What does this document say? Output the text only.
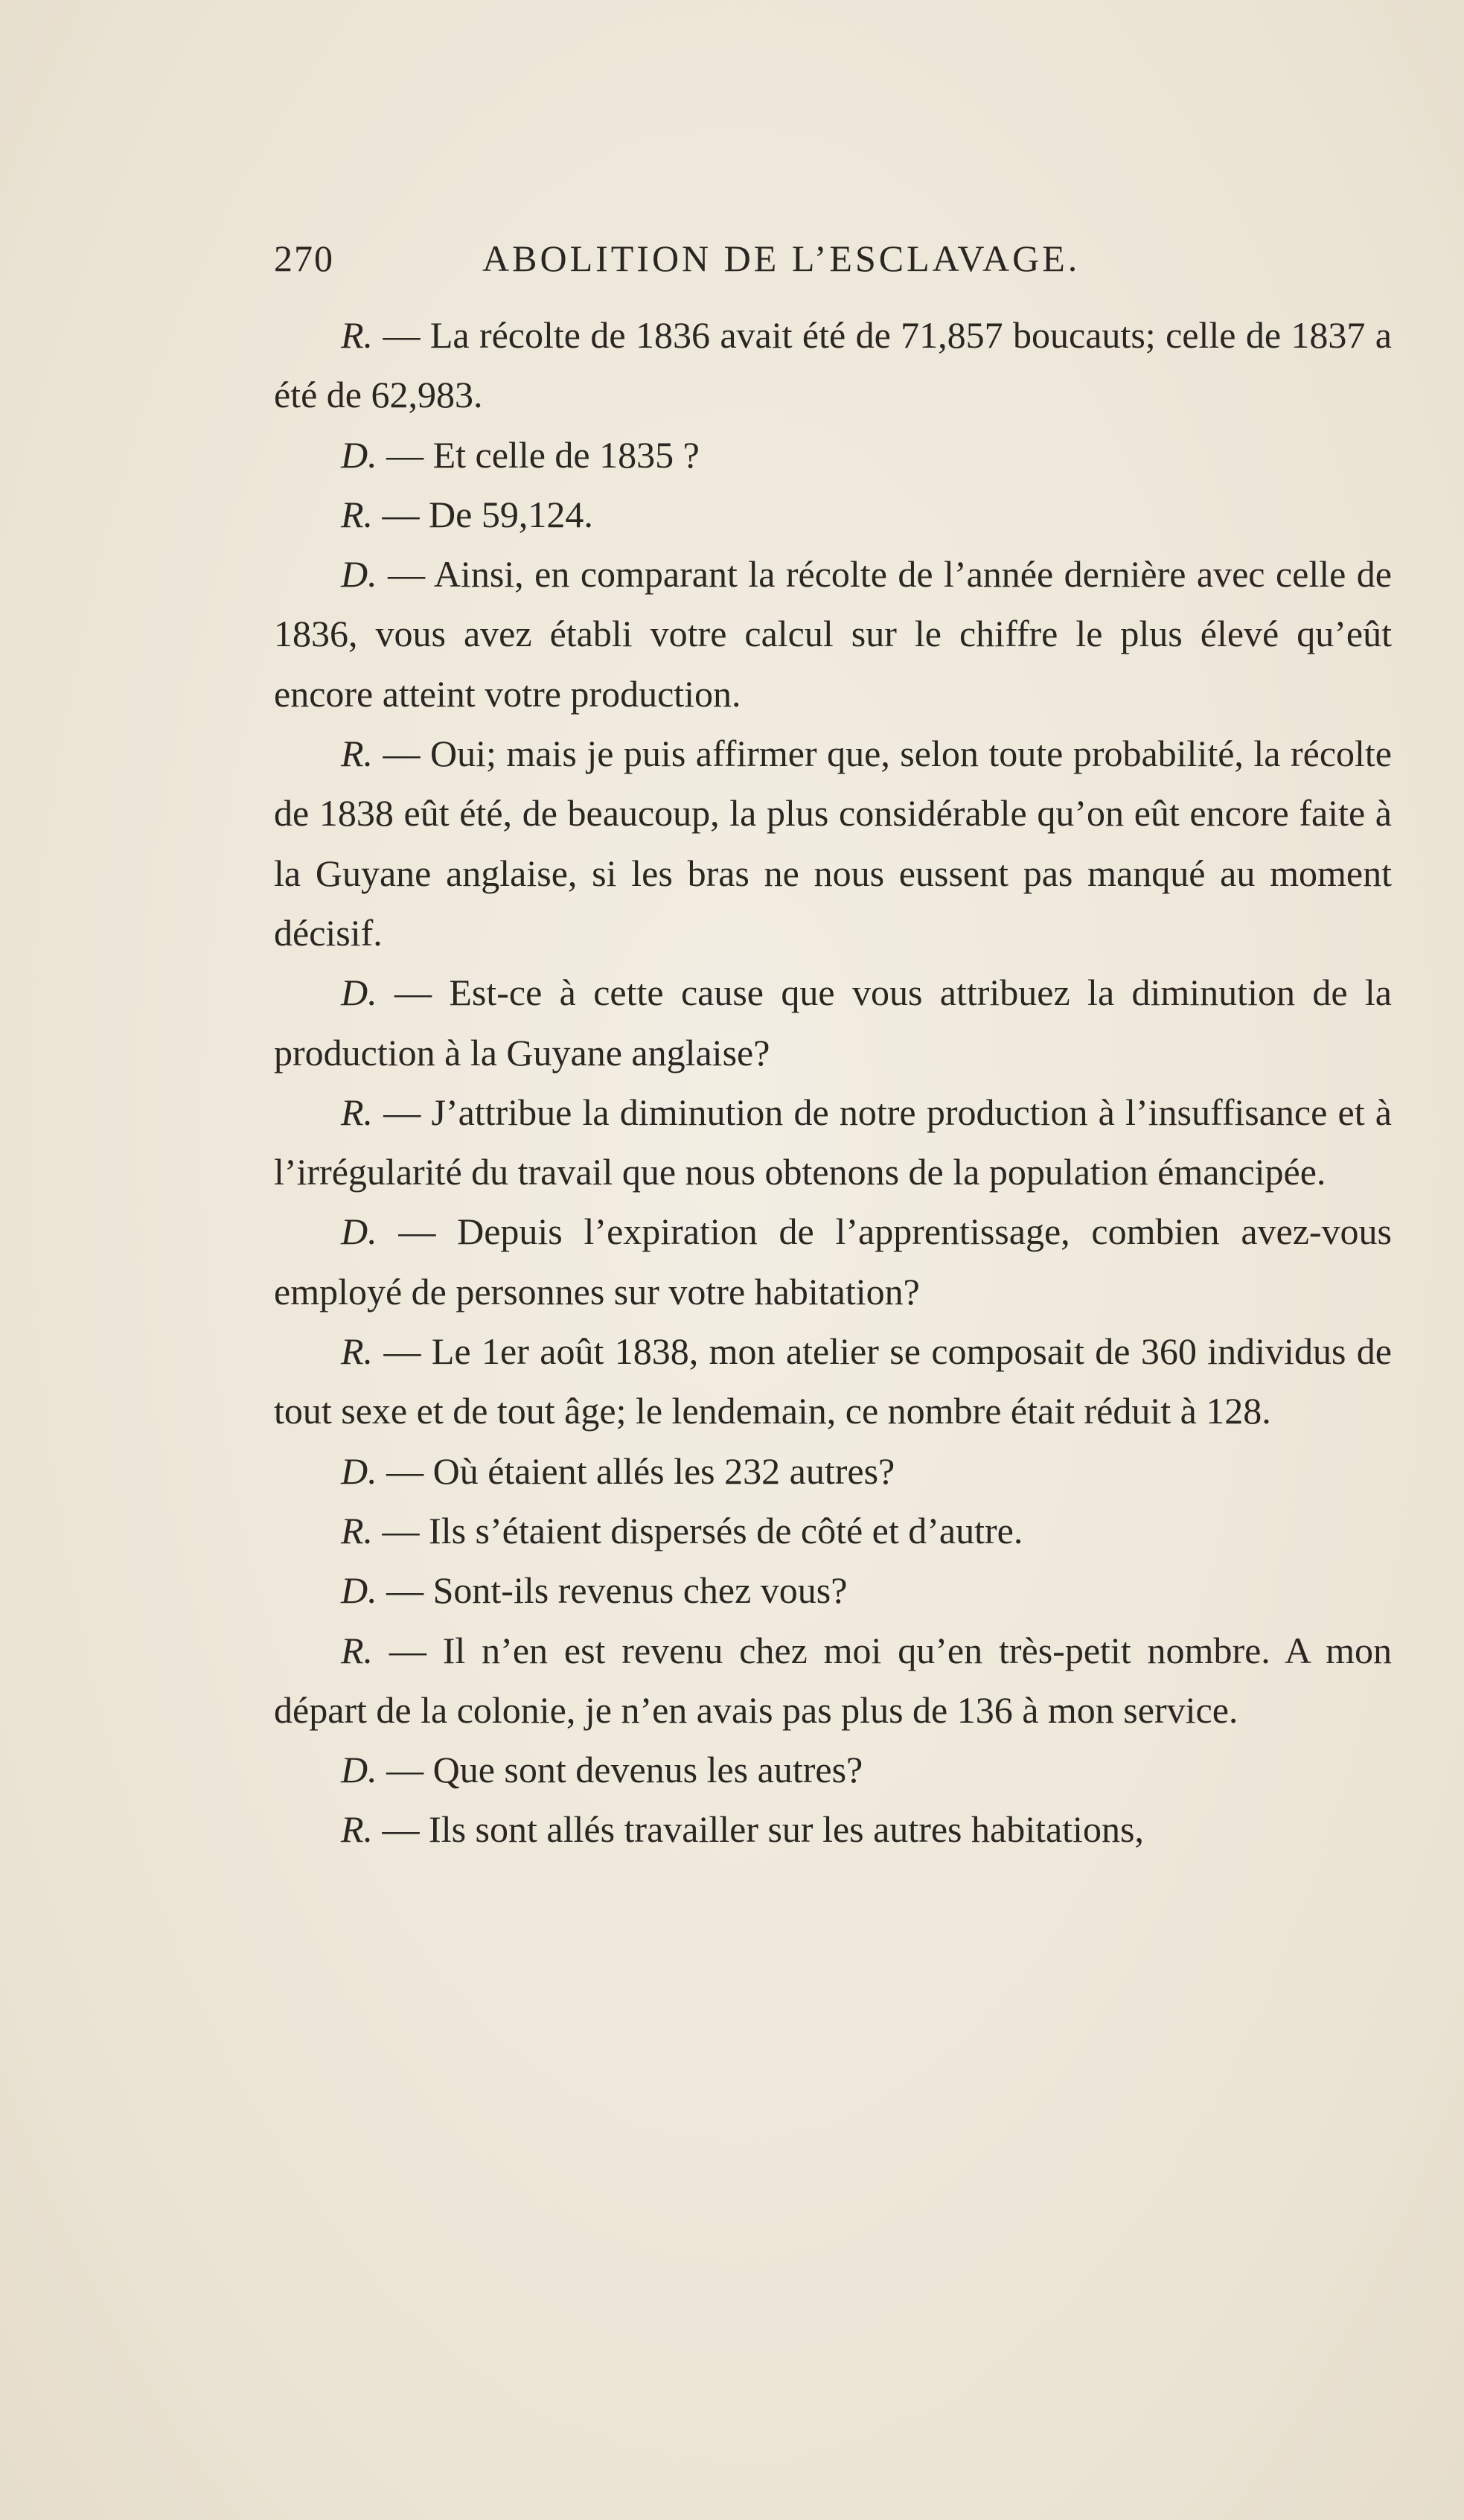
270	ABOLITION DE L’ESCLAVAGE.

R. — La récolte de 1836 avait été de 71,857 boucauts; celle de 1837 a été de 62,983.

D. — Et celle de 1835 ?

R. — De 59,124.

D. — Ainsi, en comparant la récolte de l’année dernière avec celle de 1836, vous avez établi votre calcul sur le chiffre le plus élevé qu’eût encore atteint votre production.

R. — Oui; mais je puis affirmer que, selon toute probabilité, la récolte de 1838 eût été, de beaucoup, la plus considérable qu’on eût encore faite à la Guyane anglaise, si les bras ne nous eussent pas manqué au moment décisif.

D. — Est-ce à cette cause que vous attribuez la diminution de la production à la Guyane anglaise?

R. — J’attribue la diminution de notre production à l’insuffisance et à l’irrégularité du travail que nous obtenons de la population émancipée.

D. — Depuis l’expiration de l’apprentissage, combien avez-vous employé de personnes sur votre habitation?

R. — Le 1er août 1838, mon atelier se composait de 360 individus de tout sexe et de tout âge; le lendemain, ce nombre était réduit à 128.

D. — Où étaient allés les 232 autres?

R. — Ils s’étaient dispersés de côté et d’autre.

D. — Sont-ils revenus chez vous?

R. — Il n’en est revenu chez moi qu’en très-petit nombre. A mon départ de la colonie, je n’en avais pas plus de 136 à mon service.

D. — Que sont devenus les autres?

R. — Ils sont allés travailler sur les autres habitations,
